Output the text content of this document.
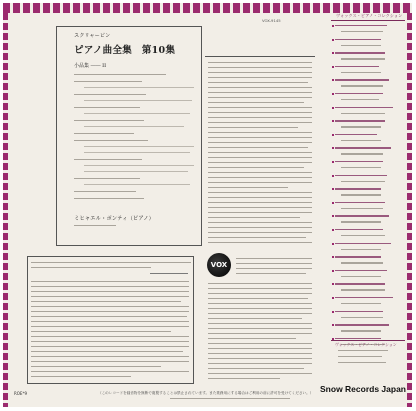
VOX-9145
ヴォックス・ピアノ・コレクション
スクリャービン
ピアノ曲全集　第10集
小品集 ―― II
ミヒャエル・ポンティ（ピアノ）
VOX
ヴォックス・ピアノ・コレクション
ROE*9	（このレコードを録音物を無断で複製することは禁止されています。また業務用にする場合はご利用の前に許可を受けてください。） Snow Records Japan
